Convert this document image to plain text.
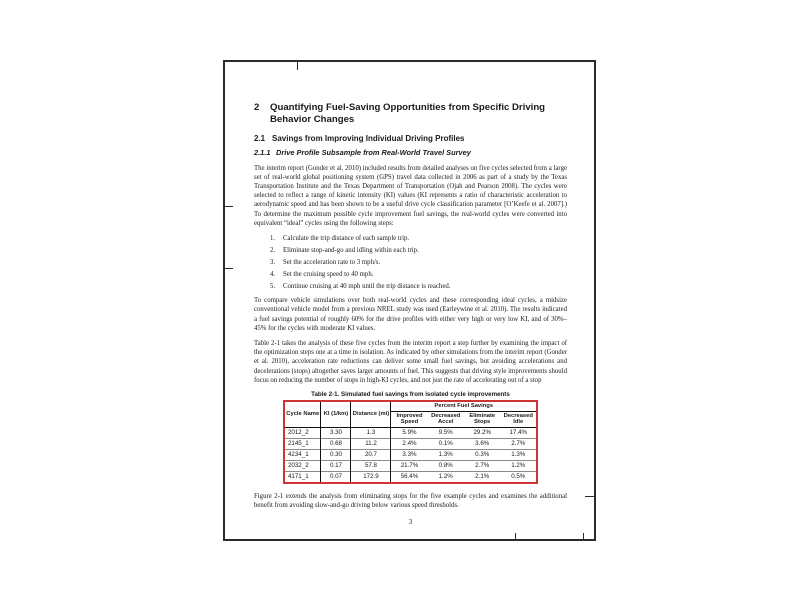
2	Quantifying Fuel-Saving Opportunities from Specific Driving Behavior Changes
2.1 Savings from Improving Individual Driving Profiles
2.1.1 Drive Profile Subsample from Real-World Travel Survey
The interim report (Gonder et al. 2010) included results from detailed analyses on five cycles selected from a large set of real-world global positioning system (GPS) travel data collected in 2006 as part of a study by the Texas Transportation Institute and the Texas Department of Transportation (Ojah and Pearson 2008). The cycles were selected to reflect a range of kinetic intensity (KI) values (KI represents a ratio of characteristic acceleration to aerodynamic speed and has been shown to be a useful drive cycle classification parameter [O’Keefe et al. 2007].) To determine the maximum possible cycle improvement fuel savings, the real-world cycles were converted into equivalent “ideal” cycles using the following steps:
1.	Calculate the trip distance of each sample trip.
2.	Eliminate stop-and-go and idling within each trip.
3.	Set the acceleration rate to 3 mph/s.
4.	Set the cruising speed to 40 mph.
5.	Continue cruising at 40 mph until the trip distance is reached.
To compare vehicle simulations over both real-world cycles and these corresponding ideal cycles, a midsize conventional vehicle model from a previous NREL study was used (Earleywine et al. 2010). The results indicated a fuel savings potential of roughly 60% for the drive profiles with either very high or very low KI, and of 30%–45% for the cycles with moderate KI values.
Table 2-1 takes the analysis of these five cycles from the interim report a step further by examining the impact of the optimization steps one at a time in isolation. As indicated by other simulations from the interim report (Gonder et al. 2010), acceleration rate reductions can deliver some small fuel savings, but avoiding accelerations and decelerations (stops) altogether saves larger amounts of fuel. This suggests that driving style improvements should focus on reducing the number of stops in high-KI cycles, and not just the rate of accelerating out of a stop
Table 2-1. Simulated fuel savings from isolated cycle improvements
Cycle Name	KI (1/km)	Distance (mi)	Percent Fuel Savings			
			Improved Speed	Decreased Accel	Eliminate Stops	Decreased Idle
2012_2	3.30	1.3	5.9%	9.5%	29.2%	17.4%
2145_1	0.68	11.2	2.4%	0.1%	3.6%	2.7%
4234_1	0.30	20.7	3.3%	1.3%	0.3%	1.3%
2032_2	0.17	57.8	21.7%	0.8%	2.7%	1.2%
4171_1	0.07	172.9	56.4%	1.2%	2.1%	0.5%
Figure 2-1 extends the analysis from eliminating stops for the five example cycles and examines the additional benefit from avoiding slow-and-go driving below various speed thresholds.
3
